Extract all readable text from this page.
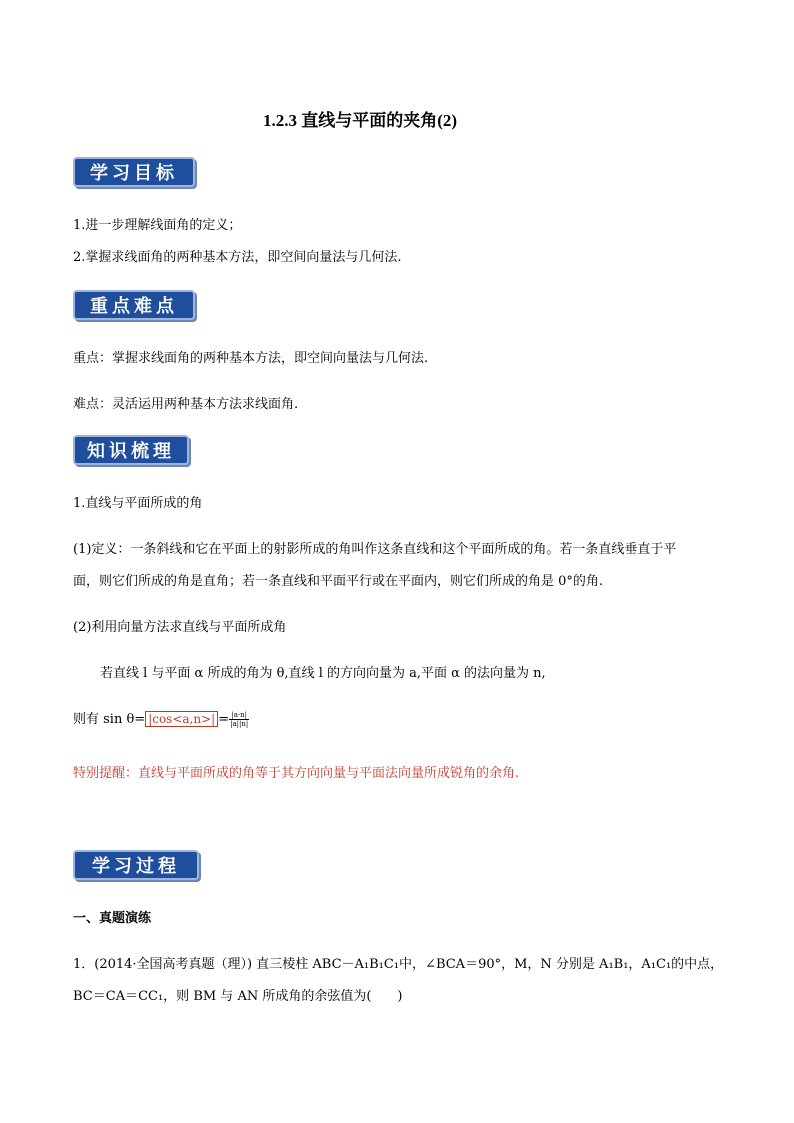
1.2.3 直线与平面的夹角(2)
学习目标
1.进一步理解线面角的定义；
2.掌握求线面角的两种基本方法，即空间向量法与几何法.
重点难点
重点：掌握求线面角的两种基本方法，即空间向量法与几何法.
难点：灵活运用两种基本方法求线面角.
知识梳理
1.直线与平面所成的角
(1)定义：一条斜线和它在平面上的射影所成的角叫作这条直线和这个平面所成的角。若一条直线垂直于平
面，则它们所成的角是直角；若一条直线和平面平行或在平面内，则它们所成的角是 0°的角.
(2)利用向量方法求直线与平面所成角
若直线 l 与平面 α 所成的角为 θ,直线 l 的方向向量为 a,平面 α 的法向量为 n,
则有 $\sin \theta= |\cos<a,n>| = \frac{|a\cdot n|}{|a||n|}$
特别提醒：直线与平面所成的角等于其方向向量与平面法向量所成锐角的余角.
学习过程
一、真题演练
1．(2014·全国高考真题（理）) 直三棱柱 ABC－A₁B₁C₁中，∠BCA＝90°，M，N 分别是 A₁B₁，A₁C₁的中点，
BC＝CA＝CC₁，则 BM 与 AN 所成角的余弦值为(　　)
